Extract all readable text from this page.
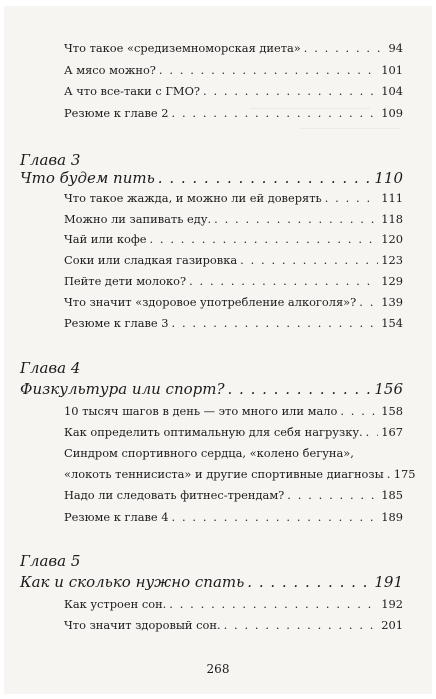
Что такое «средиземноморская диета» . . .	94
А мясо можно? . . .	101
А что все-таки с ГМО? . . .	104
Резюме к главе 2 . . .	109
Глава 3
Что будем пить . . .	110
Что такое жажда, и можно ли ей доверять . . .	111
Можно ли запивать еду. . . .	118
Чай или кофе . . .	120
Соки или сладкая газировка . . .	123
Пейте дети молоко? . . .	129
Что значит «здоровое употребление алкоголя»? . . . 139
Резюме к главе 3 . . .	154
Глава 4
Физкультура или спорт? . . .	156
10 тысяч шагов в день — это много или мало . . .	158
Как определить оптимальную для себя нагрузку. . . . 167
Синдром спортивного сердца, «колено бегуна»,
«локоть теннисиста» и другие спортивные диагнозы . . . 175
Надо ли следовать фитнес-трендам? . . .	185
Резюме к главе 4 . . .	189
Глава 5
Как и сколько нужно спать . . .	191
Как устроен сон. . . .	192
Что значит здоровый сон. . . .	201
268
